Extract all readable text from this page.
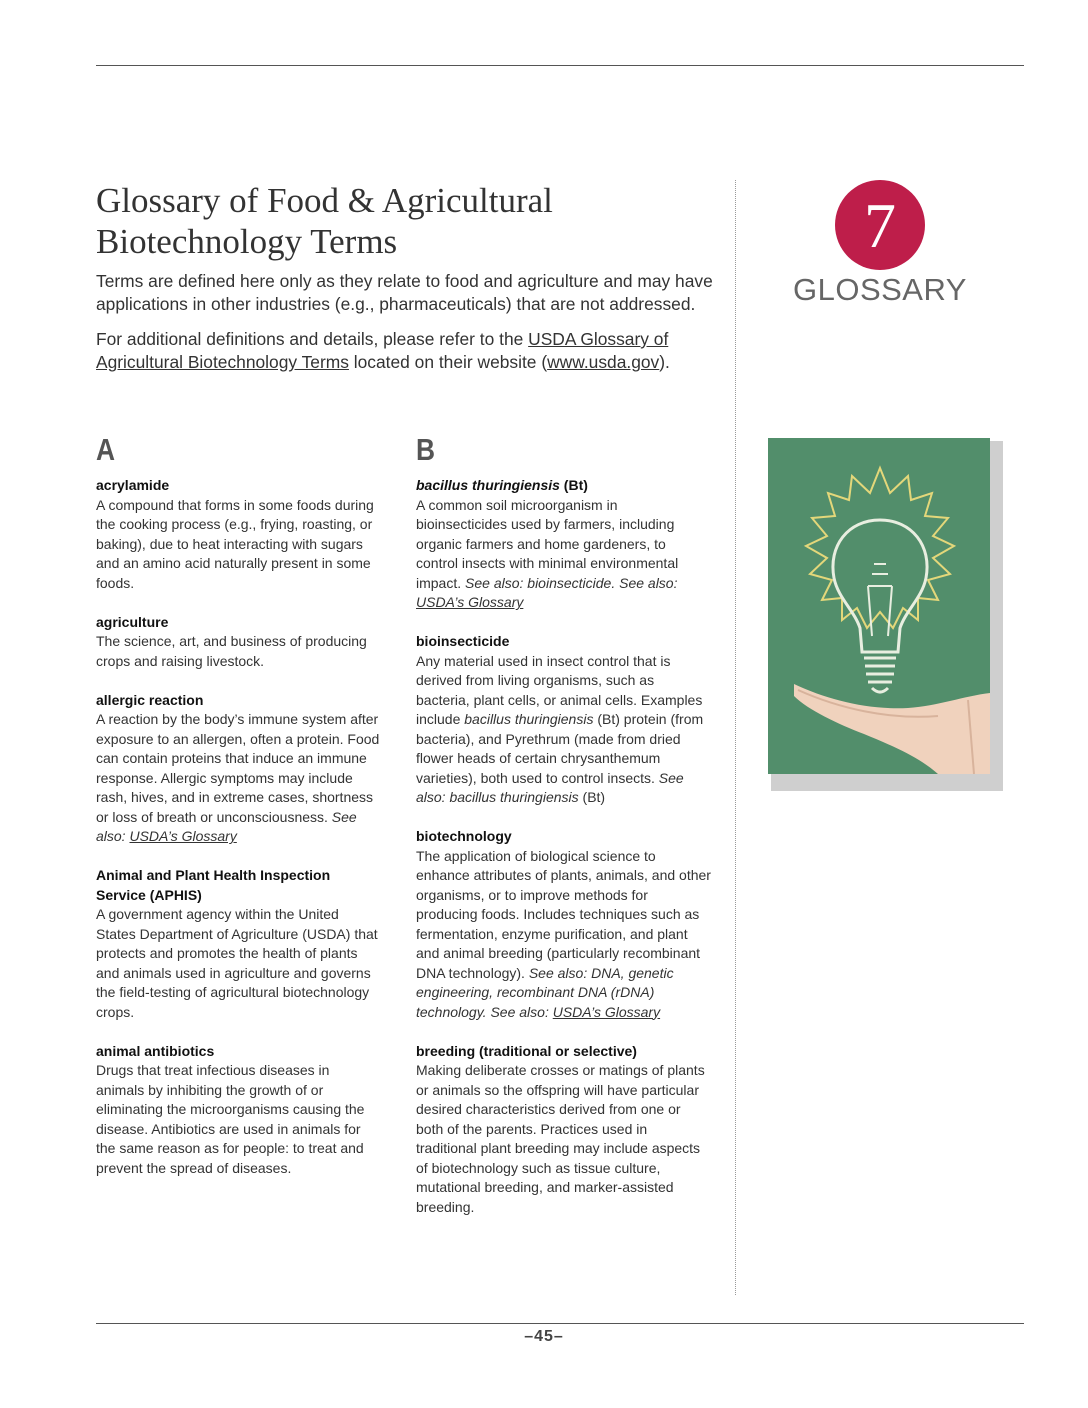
Glossary of Food & Agricultural Biotechnology Terms

Terms are defined here only as they relate to food and agriculture and may have applications in other industries (e.g., pharmaceuticals) that are not addressed.

For additional definitions and details, please refer to the USDA Glossary of Agricultural Biotechnology Terms located on their website (www.usda.gov).

7
GLOSSARY
A
acrylamide
A compound that forms in some foods during the cooking process (e.g., frying, roasting, or baking), due to heat interacting with sugars and an amino acid naturally present in some foods.
agriculture
The science, art, and business of producing crops and raising livestock.
allergic reaction
A reaction by the body’s immune system after exposure to an allergen, often a protein. Food can contain proteins that induce an immune response. Allergic symptoms may include rash, hives, and in extreme cases, shortness or loss of breath or unconsciousness. See also: USDA’s Glossary
Animal and Plant Health Inspection Service (APHIS)
A government agency within the United States Department of Agriculture (USDA) that protects and promotes the health of plants and animals used in agriculture and governs the field-testing of agricultural biotechnology crops.
animal antibiotics
Drugs that treat infectious diseases in animals by inhibiting the growth of or eliminating the microorganisms causing the disease. Antibiotics are used in animals for the same reason as for people: to treat and prevent the spread of diseases.
B
bacillus thuringiensis (Bt)
A common soil microorganism in bioinsecticides used by farmers, including organic farmers and home gardeners, to control insects with minimal environmental impact. See also: bioinsecticide. See also: USDA’s Glossary
bioinsecticide
Any material used in insect control that is derived from living organisms, such as bacteria, plant cells, or animal cells. Examples include bacillus thuringiensis (Bt) protein (from bacteria), and Pyrethrum (made from dried flower heads of certain chrysanthemum varieties), both used to control insects. See also: bacillus thuringiensis (Bt)
biotechnology
The application of biological science to enhance attributes of plants, animals, and other organisms, or to improve methods for producing foods. Includes techniques such as fermentation, enzyme purification, and plant and animal breeding (particularly recombinant DNA technology). See also: DNA, genetic engineering, recombinant DNA (rDNA) technology. See also: USDA’s Glossary
breeding (traditional or selective)
Making deliberate crosses or matings of plants or animals so the offspring will have particular desired characteristics derived from one or both of the parents. Practices used in traditional plant breeding may include aspects of biotechnology such as tissue culture, mutational breeding, and marker-assisted breeding.
–45–
